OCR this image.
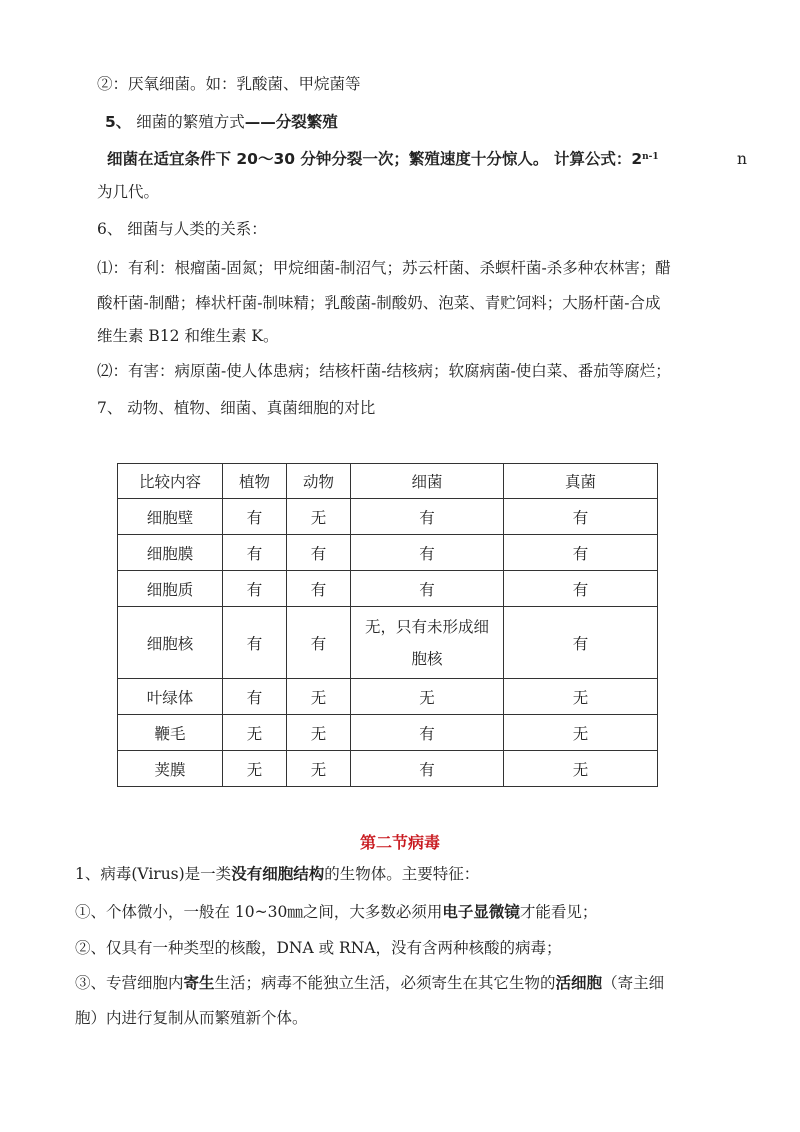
②：厌氧细菌。如：乳酸菌、甲烷菌等
5、 细菌的繁殖方式——分裂繁殖
细菌在适宜条件下 20～30 分钟分裂一次；繁殖速度十分惊人。 计算公式：2$^{n-1}$	n
为几代。
6、 细菌与人类的关系：
⑴：有利：根瘤菌-固氮；甲烷细菌-制沼气；苏云杆菌、杀螟杆菌-杀多种农林害；醋
酸杆菌-制醋；棒状杆菌-制味精；乳酸菌-制酸奶、泡菜、青贮饲料；大肠杆菌-合成
维生素 B12 和维生素 K。
⑵：有害：病原菌-使人体患病；结核杆菌-结核病；软腐病菌-使白菜、番茄等腐烂；
7、 动物、植物、细菌、真菌细胞的对比
比较内容	植物	动物	细菌	真菌
细胞壁	有	无	有	有
细胞膜	有	有	有	有
细胞质	有	有	有	有
细胞核	有	有	无，只有未形成细胞核	有
叶绿体	有	无	无	无
鞭毛	无	无	有	无
荚膜	无	无	有	无
第二节病毒
1、病毒(Virus)是一类没有细胞结构的生物体。主要特征：
①、个体微小，一般在 10~30㎜之间，大多数必须用电子显微镜才能看见；
②、仅具有一种类型的核酸，DNA 或 RNA，没有含两种核酸的病毒；
③、专营细胞内寄生生活；病毒不能独立生活，必须寄生在其它生物的活细胞（寄主细
胞）内进行复制从而繁殖新个体。
